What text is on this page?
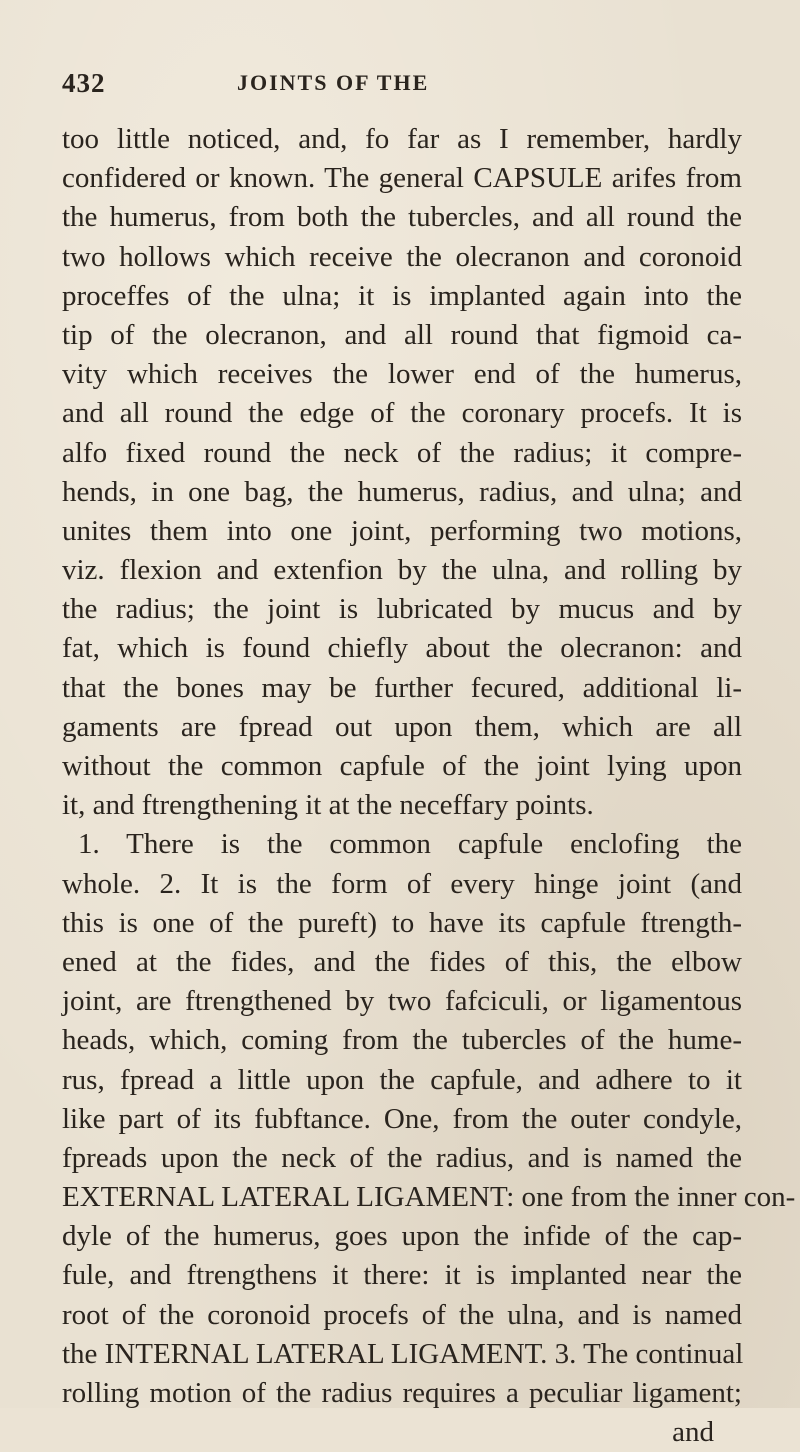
432	JOINTS OF THE
too little noticed, and, fo far as I remember, hardly
confidered or known. The general CAPSULE arifes from
the humerus, from both the tubercles, and all round the
two hollows which receive the olecranon and coronoid
proceffes of the ulna; it is implanted again into the
tip of the olecranon, and all round that figmoid ca-
vity which receives the lower end of the humerus,
and all round the edge of the coronary procefs. It is
alfo fixed round the neck of the radius; it compre-
hends, in one bag, the humerus, radius, and ulna; and
unites them into one joint, performing two motions,
viz. flexion and extenfion by the ulna, and rolling by
the radius; the joint is lubricated by mucus and by
fat, which is found chiefly about the olecranon: and
that the bones may be further fecured, additional li-
gaments are fpread out upon them, which are all
without the common capfule of the joint lying upon
it, and ftrengthening it at the neceffary points.
1. There is the common capfule enclofing the
whole. 2. It is the form of every hinge joint (and
this is one of the pureft) to have its capfule ftrength-
ened at the fides, and the fides of this, the elbow
joint, are ftrengthened by two fafciculi, or ligamentous
heads, which, coming from the tubercles of the hume-
rus, fpread a little upon the capfule, and adhere to it
like part of its fubftance. One, from the outer condyle,
fpreads upon the neck of the radius, and is named the
EXTERNAL LATERAL LIGAMENT: one from the inner con-
dyle of the humerus, goes upon the infide of the cap-
fule, and ftrengthens it there: it is implanted near the
root of the coronoid procefs of the ulna, and is named
the INTERNAL LATERAL LIGAMENT. 3. The continual
rolling motion of the radius requires a peculiar ligament;
and
